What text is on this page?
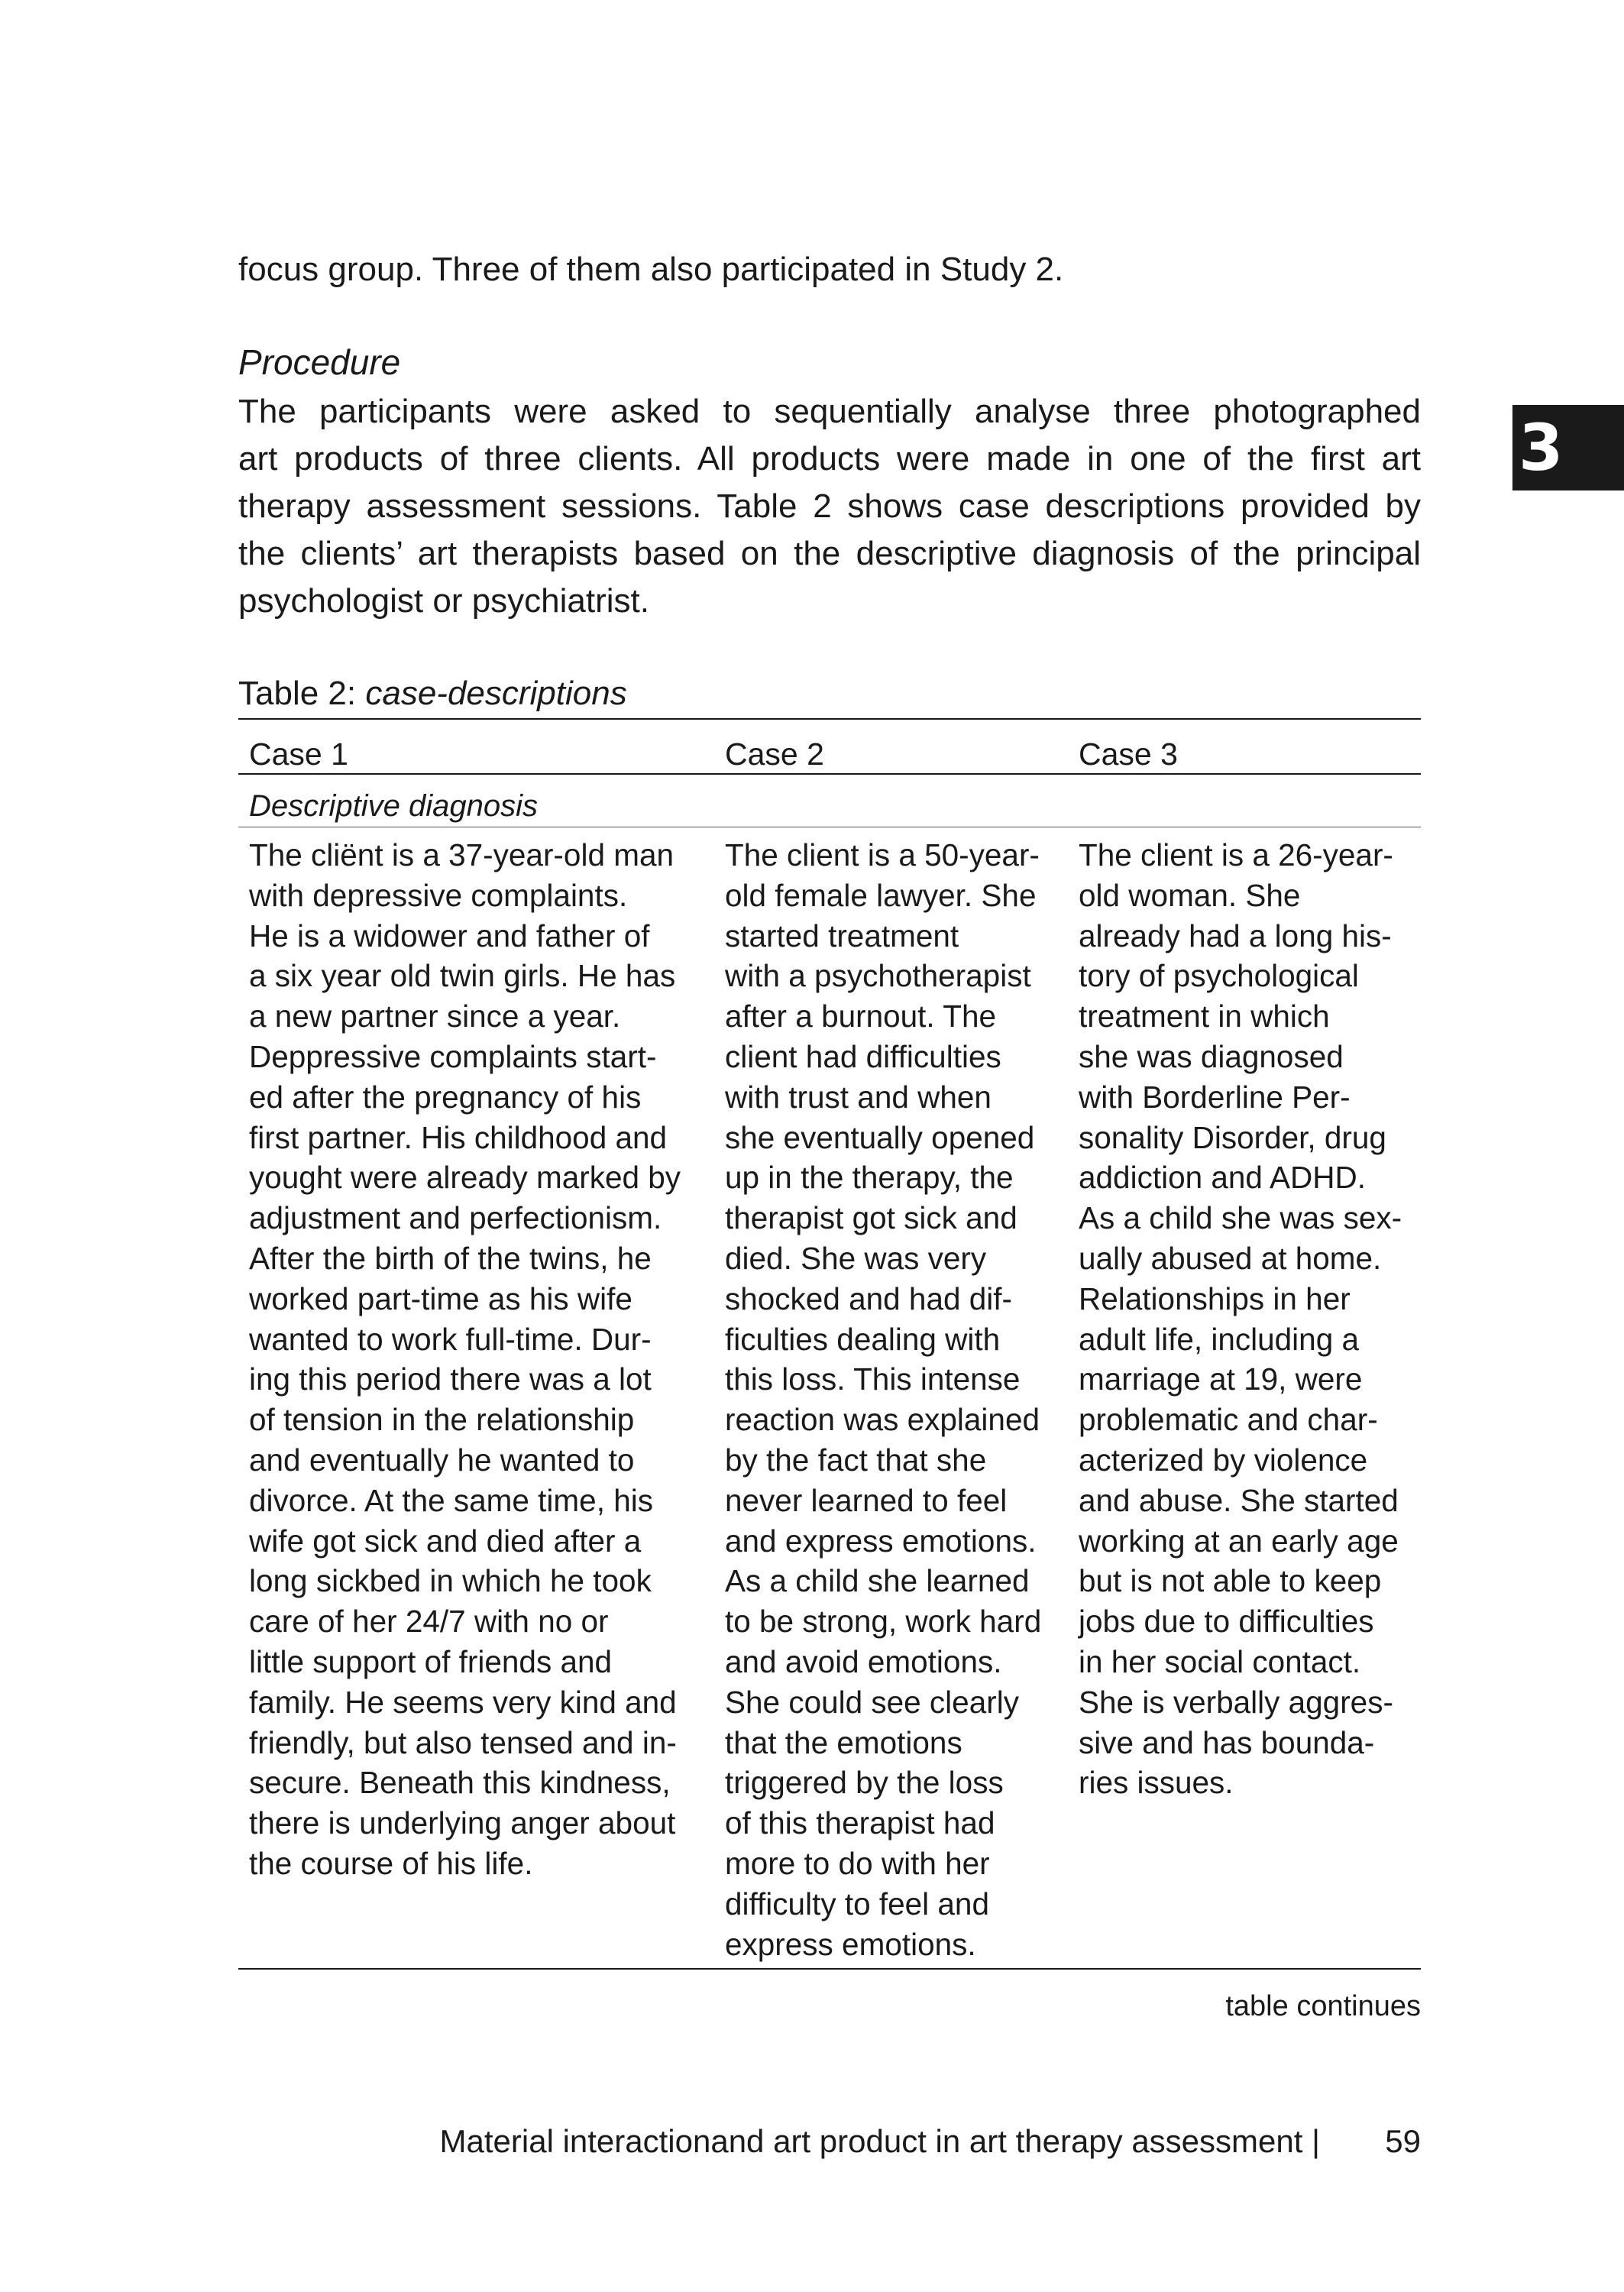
focus group. Three of them also participated in Study 2.
Procedure
The participants were asked to sequentially analyse three photographed
art products of three clients. All products were made in one of the first art
therapy assessment sessions. Table 2 shows case descriptions provided by
the clients’ art therapists based on the descriptive diagnosis of the principal
psychologist or psychiatrist.
Table 2: case-descriptions
Case 1	Case 2	Case 3
Descriptive diagnosis
The cliënt is a 37-year-old man
with depressive complaints.
He is a widower and father of
a six year old twin girls. He has
a new partner since a year.
Deppressive complaints start-
ed after the pregnancy of his
first partner. His childhood and
yought were already marked by
adjustment and perfectionism.
After the birth of the twins, he
worked part-time as his wife
wanted to work full-time. Dur-
ing this period there was a lot
of tension in the relationship
and eventually he wanted to
divorce. At the same time, his
wife got sick and died after a
long sickbed in which he took
care of her 24/7 with no or
little support of friends and
family. He seems very kind and
friendly, but also tensed and in-
secure. Beneath this kindness,
there is underlying anger about
the course of his life.
The client is a 50-year-
old female lawyer. She
started treatment
with a psychotherapist
after a burnout. The
client had difficulties
with trust and when
she eventually opened
up in the therapy, the
therapist got sick and
died. She was very
shocked and had dif-
ficulties dealing with
this loss. This intense
reaction was explained
by the fact that she
never learned to feel
and express emotions.
As a child she learned
to be strong, work hard
and avoid emotions.
She could see clearly
that the emotions
triggered by the loss
of this therapist had
more to do with her
difficulty to feel and
express emotions.
The client is a 26-year-
old woman. She
already had a long his-
tory of psychological
treatment in which
she was diagnosed
with Borderline Per-
sonality Disorder, drug
addiction and ADHD.
As a child she was sex-
ually abused at home.
Relationships in her
adult life, including a
marriage at 19, were
problematic and char-
acterized by violence
and abuse. She started
working at an early age
but is not able to keep
jobs due to difficulties
in her social contact.
She is verbally aggres-
sive and has bounda-
ries issues.
table continues
Material interactionand art product in art therapy assessment | 59
3
